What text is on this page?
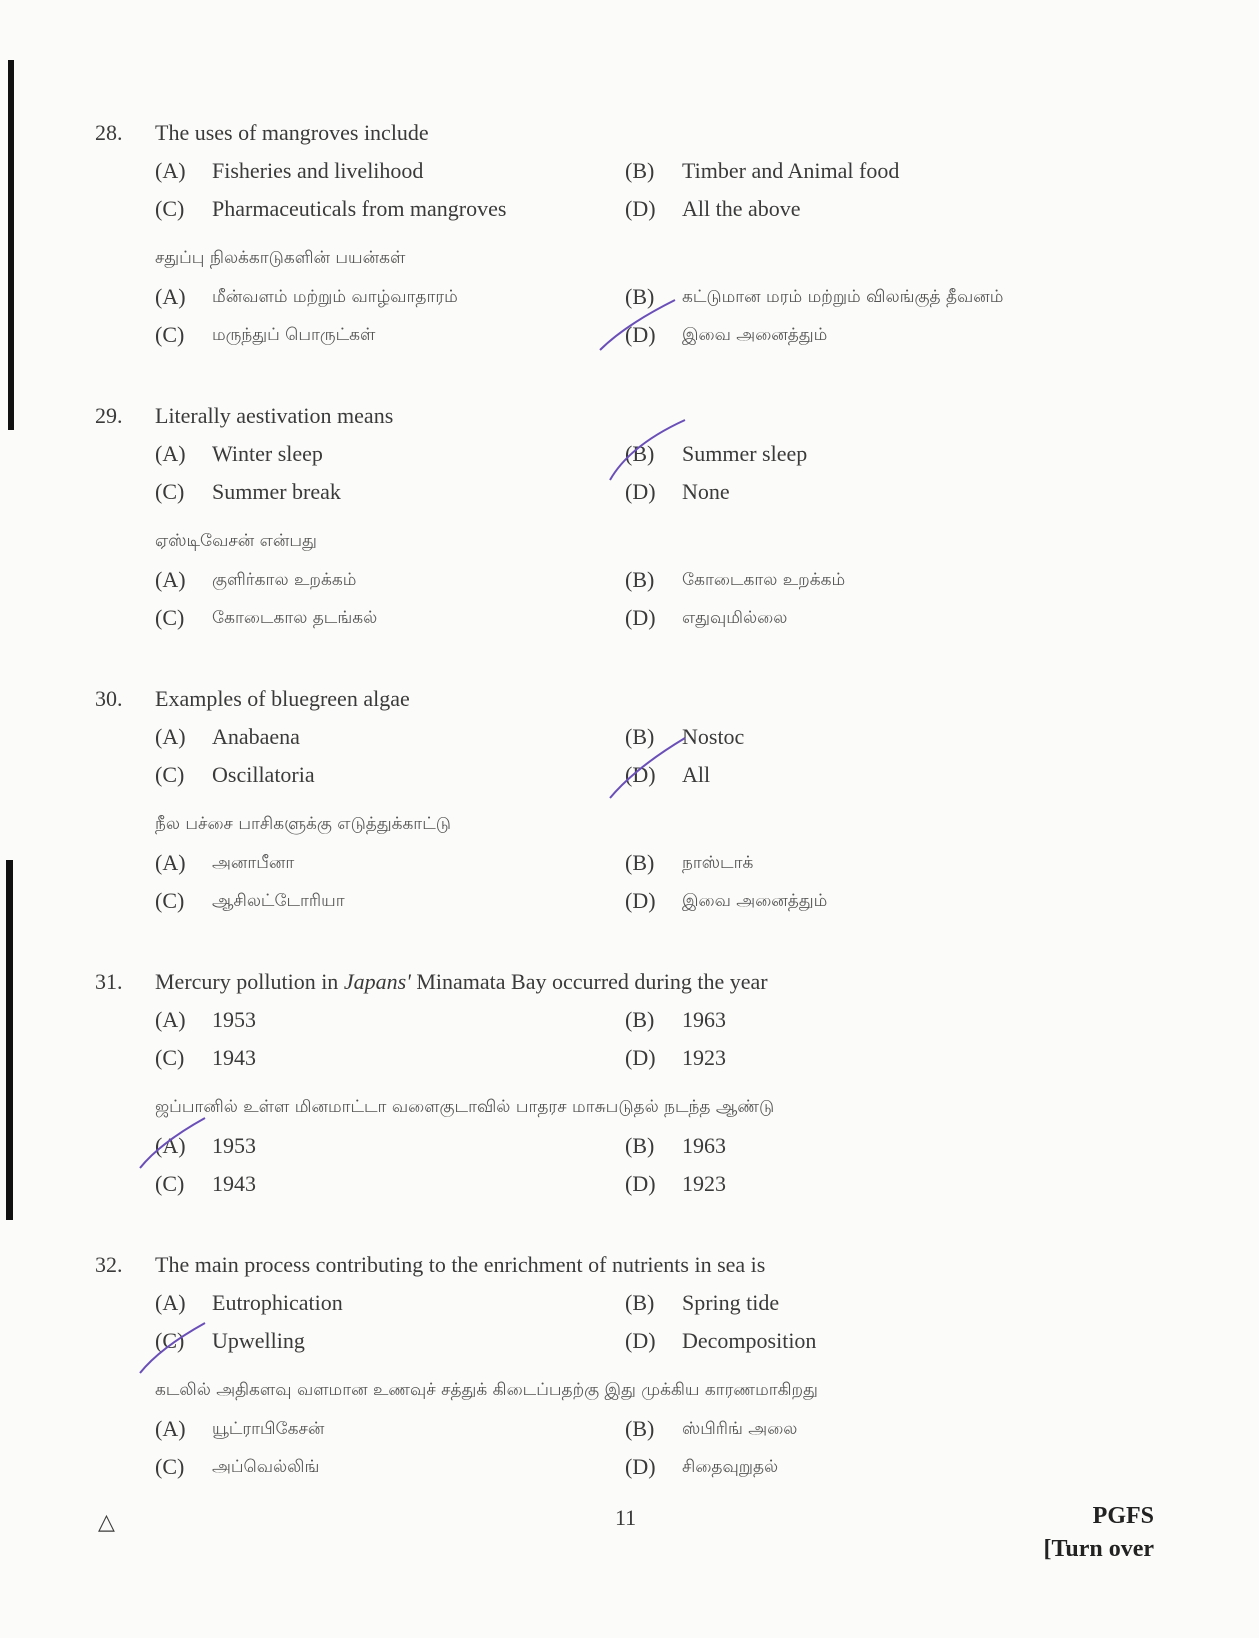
28. The uses of mangroves include
(A) Fisheries and livelihood	(B) Timber and Animal food
(C) Pharmaceuticals from mangroves	(D) All the above
சதுப்பு நிலக்காடுகளின் பயன்கள்
(A) மீன்வளம் மற்றும் வாழ்வாதாரம்	(B) கட்டுமான மரம் மற்றும் விலங்குத் தீவனம்
(C) மருந்துப் பொருட்கள்	(D) இவை அனைத்தும்
29. Literally aestivation means
(A) Winter sleep	(B) Summer sleep
(C) Summer break	(D) None
ஏஸ்டிவேசன் என்பது
(A) குளிர்கால உறக்கம்	(B) கோடைகால உறக்கம்
(C) கோடைகால தடங்கல்	(D) எதுவுமில்லை
30. Examples of bluegreen algae
(A) Anabaena	(B) Nostoc
(C) Oscillatoria	(D) All
நீல பச்சை பாசிகளுக்கு எடுத்துக்காட்டு
(A) அனாபீனா	(B) நாஸ்டாக்
(C) ஆசிலட்டோரியா	(D) இவை அனைத்தும்
31. Mercury pollution in Japans' Minamata Bay occurred during the year
(A) 1953	(B) 1963
(C) 1943	(D) 1923
ஜப்பானில் உள்ள மினமாட்டா வளைகுடாவில் பாதரச மாசுபடுதல் நடந்த ஆண்டு
(A) 1953	(B) 1963
(C) 1943	(D) 1923
32. The main process contributing to the enrichment of nutrients in sea is
(A) Eutrophication	(B) Spring tide
(C) Upwelling	(D) Decomposition
கடலில் அதிகளவு வளமான உணவுச் சத்துக் கிடைப்பதற்கு இது முக்கிய காரணமாகிறது
(A) யூட்ராபிகேசன்	(B) ஸ்பிரிங் அலை
(C) அப்வெல்லிங்	(D) சிதைவுறுதல்
△	11	PGFS
[Turn over
